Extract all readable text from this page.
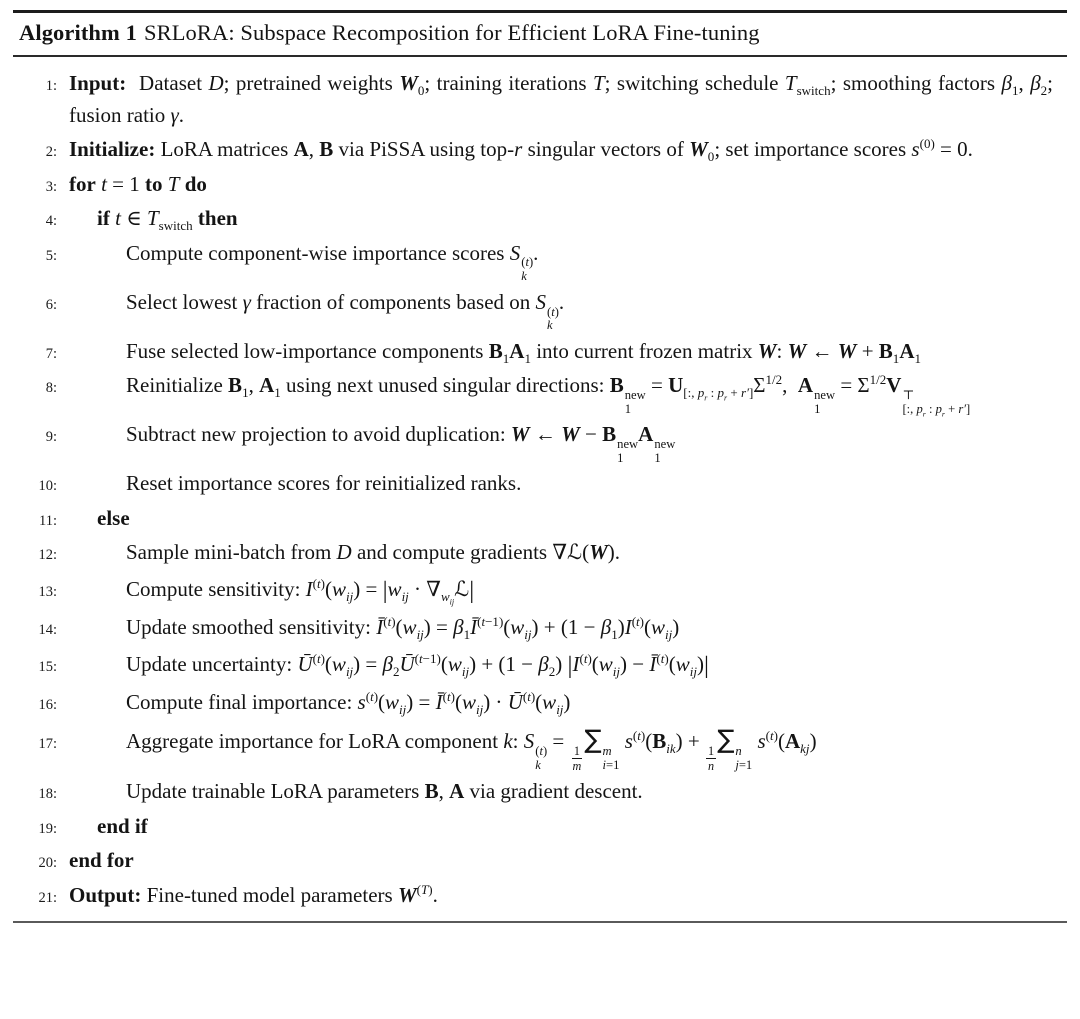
Algorithm 1 SRLoRA: Subspace Recomposition for Efficient LoRA Fine-tuning
1: Input:  Dataset D; pretrained weights $W_0$; training iterations T; switching schedule $T_{switch}$; smoothing factors $\beta_1$, $\beta_2$; fusion ratio γ.
2: Initialize: LoRA matrices A, B via PiSSA using top-r singular vectors of $W_0$; set importance scores $s^{(0)} = 0$.
3: for t = 1 to T do
4:	if t ∈ $T_{switch}$ then
5:	Compute component-wise importance scores S (t)
k
.
6:	Select lowest γ fraction of components based on S (t)
k
.
7:	Fuse selected low-importance components $B_1A_1$ into current frozen matrix W: W ← $W + B_1A_1$
8:	Reinitialize $B_1$, $A_1$ using next unused singular directions: B new
1
= $U_{[:, p_r : p_r + r']}\Sigma^{1/2}$, A new
1
= $\Sigma^{1/2}V$ ⊤
[:, $p_r$ : $p_r + r'$]
9:	Subtract new projection to avoid duplication: W ← W − B new
1
A new
1
10:	Reset importance scores for reinitialized ranks.
11:	else
12:	Sample mini-batch from D and compute gradients ∇ℒ(W).
13:	Compute sensitivity: $I^{(t)}(w_{ij}) = |w_{ij}$ · $\nabla_{w_{ij}}ℒ|$
14:	Update smoothed sensitivity: $Ī^{(t)}(w_{ij})$ = $\beta_1Ī^{(t-1)}(w_{ij}) + (1 - \beta_1)I^{(t)}(w_{ij})$
15:	Update uncertainty: $Ū^{(t)}(w_{ij})$ = $\beta_2Ū^{(t-1)}(w_{ij}) + (1 - \beta_2) |I^{(t)}(w_{ij})$ − $Ī^{(t)}(w_{ij})|$
16:	Compute final importance: $s^{(t)}(w_{ij})$ = $Ī^{(t)}(w_{ij})$ · $Ū^{(t)}(w_{ij})$
17:	Aggregate importance for LoRA component k: S (t)
k
=
$\frac{1}{m}$
∑ m
i=1
$s^{(t)}(B_{ik})$ +
$\frac{1}{n}$
∑ n
j=1
$s^{(t)}(A_{kj})$
18:	Update trainable LoRA parameters B, A via gradient descent.
19:	end if
20: end for
21: Output: Fine-tuned model parameters $W^{(T)}$.
